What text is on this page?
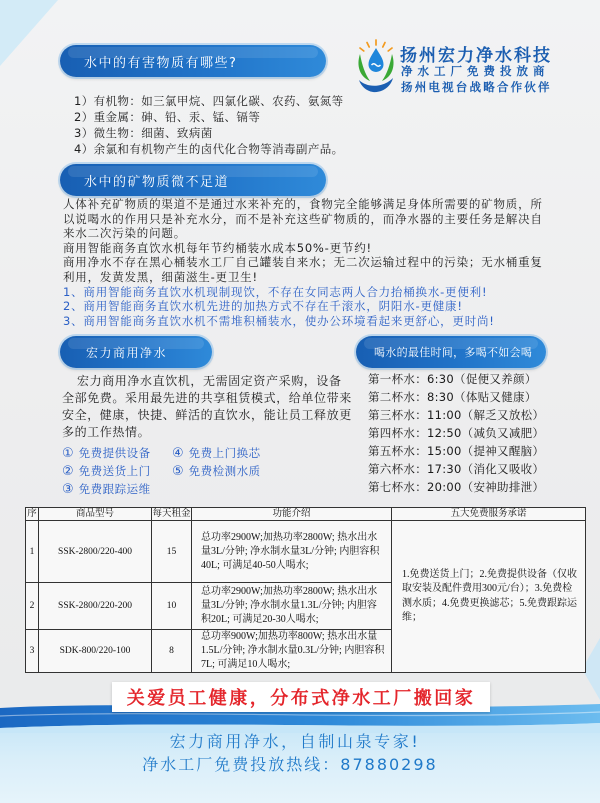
扬州宏力净水科技
净水工厂免费投放商
扬州电视台战略合作伙伴
水中的有害物质有哪些?
1）有机物：如三氯甲烷、四氯化碳、农药、氨氮等
2）重金属：砷、铅、汞、锰、镉等
3）微生物：细菌、致病菌
4）余氯和有机物产生的卤代化合物等消毒副产品。
水中的矿物质微不足道

人体补充矿物质的渠道不是通过水来补充的，食物完全能够满足身体所需要的矿物质，所以说喝水的作用只是补充水分，而不是补充这些矿物质的，而净水器的主要任务是解决自来水二次污染的问题。

商用智能商务直饮水机每年节约桶装水成本50%-更节约!

商用净水不存在黑心桶装水工厂自己罐装自来水；无二次运输过程中的污染；无水桶重复利用，发黄发黑，细菌滋生-更卫生!

1、商用智能商务直饮水机现制现饮，不存在女同志两人合力抬桶换水-更便利!

2、商用智能商务直饮水机先进的加热方式不存在千滚水，阴阳水-更健康!

3、商用智能商务直饮水机不需堆积桶装水，使办公环境看起来更舒心，更时尚!

宏力商用净水

宏力商用净水直饮机，无需固定资产采购，设备全部免费。采用最先进的共享租赁模式，给单位带来安全，健康，快捷、鲜活的直饮水，能让员工释放更多的工作热情。

① 免费提供设备
② 免费送货上门
③ 免费跟踪运维
④ 免费上门换芯
⑤ 免费检测水质
喝水的最佳时间，多喝不如会喝
第一杯水：6:30（促便又养颜）
第二杯水：8:30（体贴又健康）
第三杯水：11:00（解乏又放松）
第四杯水：12:50（减负又减肥）
第五杯水：15:00（提神又醒脑）
第六杯水：17:30（消化又吸收）
第七杯水：20:00（安神助排泄）
序	商品型号	每天租金	功能介绍	五大免费服务承诺
1	SSK-2800/220-400	15	总功率2900W;加热功率2800W; 热水出水量3L/分钟; 净水制水量3L/分钟; 内胆容积40L; 可满足40-50人喝水;	1.免费送货上门；2.免费提供设备（仅收取安装及配件费用300元/台）；3.免费检测水质；4.免费更换滤芯；5.免费跟踪运维；
2	SSK-2800/220-200	10	总功率2900W;加热功率2800W; 热水出水量3L/分钟; 净水制水量1.3L/分钟; 内胆容积20L; 可满足20-30人喝水;	
3	SDK-800/220-100	8	总功率900W;加热功率800W; 热水出水量1.5L/分钟; 净水制水量0.3L/分钟; 内胆容积7L; 可满足10人喝水;	
关爱员工健康，分布式净水工厂搬回家
宏力商用净水，自制山泉专家!
净水工厂免费投放热线：87880298
